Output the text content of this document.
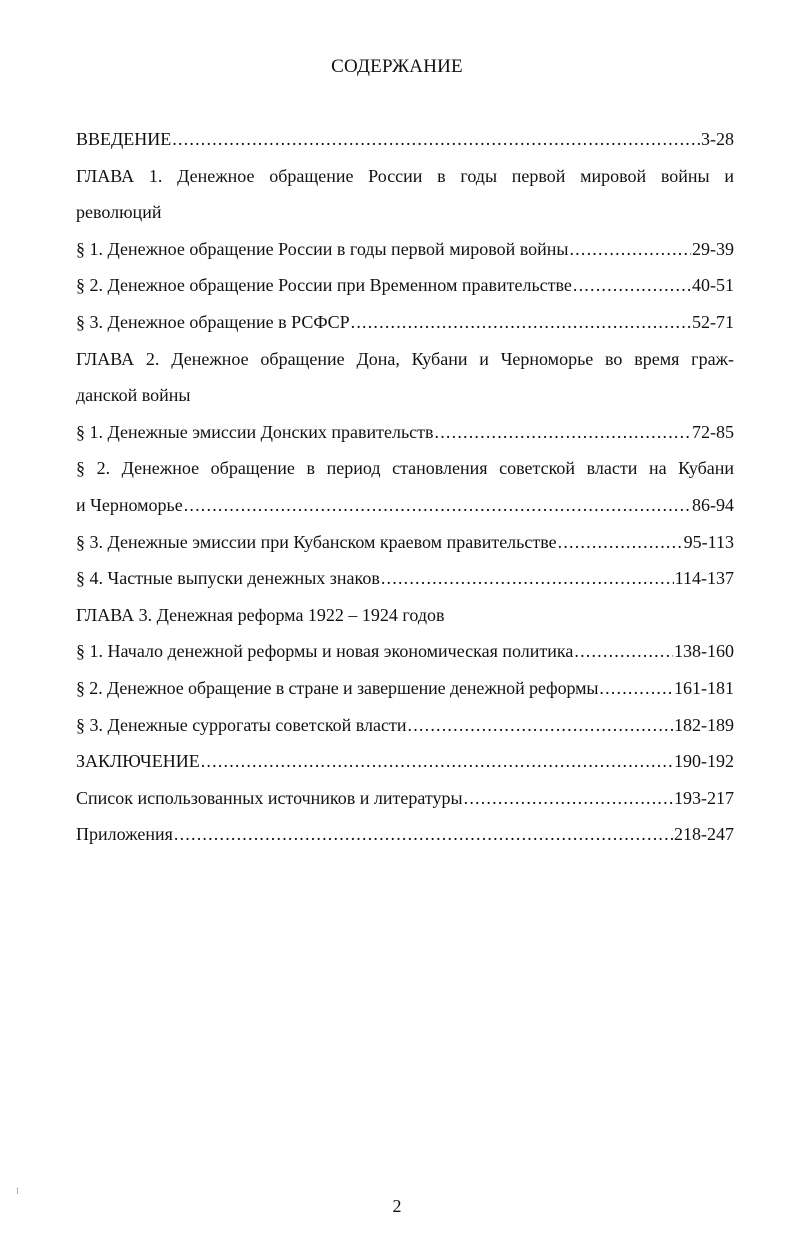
СОДЕРЖАНИЕ
ВВЕДЕНИЕ .....	3-28
ГЛАВА 1. Денежное обращение России в годы первой мировой войны и
революций
§ 1. Денежное обращение России в годы первой мировой войны .....	29-39
§ 2. Денежное обращение России при Временном правительстве .....	40-51
§ 3. Денежное обращение в РСФСР .....	52-71
ГЛАВА 2. Денежное обращение Дона, Кубани и Черноморье во время граж-
данской войны
§ 1. Денежные эмиссии Донских правительств .....	72-85
§ 2. Денежное обращение в период становления советской власти на Кубани
и Черноморье .....	86-94
§ 3. Денежные эмиссии при Кубанском краевом правительстве .....	95-113
§ 4. Частные выпуски денежных знаков .....	114-137
ГЛАВА 3. Денежная реформа 1922 – 1924 годов
§ 1. Начало денежной реформы и новая экономическая политика .....	138-160
§ 2. Денежное обращение в стране и завершение денежной реформы .....	161-181
§ 3. Денежные суррогаты советской власти .....	182-189
ЗАКЛЮЧЕНИЕ .....	190-192
Список использованных источников и литературы .....	193-217
Приложения .....	218-247
⁝
2
